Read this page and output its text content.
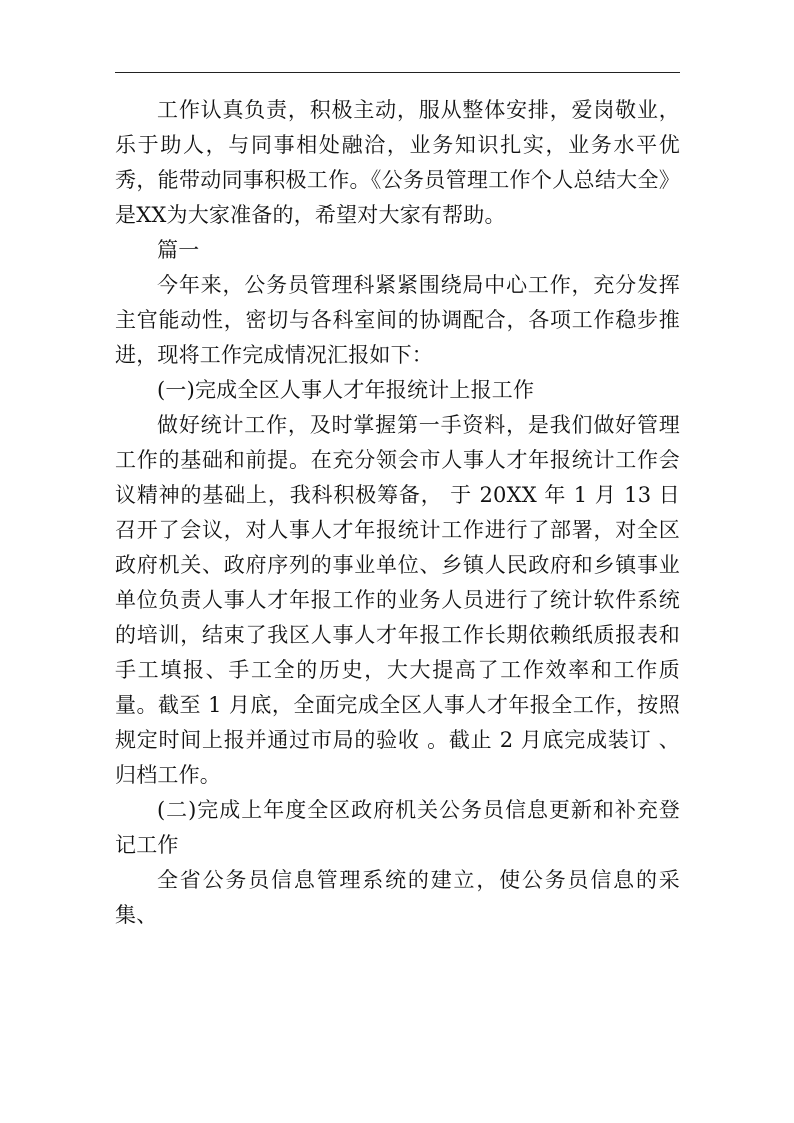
工作认真负责，积极主动，服从整体安排，爱岗敬业，乐于助人，与同事相处融洽，业务知识扎实，业务水平优秀，能带动同事积极工作。《公务员管理工作个人总结大全》 是XX为大家准备的，希望对大家有帮助。

篇一

今年来，公务员管理科紧紧围绕局中心工作，充分发挥主官能动性，密切与各科室间的协调配合，各项工作稳步推进，现将工作完成情况汇报如下：

(一)完成全区人事人才年报统计上报工作

做好统计工作，及时掌握第一手资料，是我们做好管理工作的基础和前提。在充分领会市人事人才年报统计工作会议精神的基础上，我科积极筹备， 于 20XX 年 1 月 13 日召开了会议，对人事人才年报统计工作进行了部署，对全区政府机关、政府序列的事业单位、乡镇人民政府和乡镇事业单位负责人事人才年报工作的业务人员进行了统计软件系统的培训，结束了我区人事人才年报工作长期依赖纸质报表和手工填报、手工全的历史，大大提高了工作效率和工作质量。截至 1 月底，全面完成全区人事人才年报全工作，按照规定时间上报并通过市局的验收 。截止 2 月底完成装订 、归档工作。

(二)完成上年度全区政府机关公务员信息更新和补充登记工作

全省公务员信息管理系统的建立，使公务员信息的采集、
